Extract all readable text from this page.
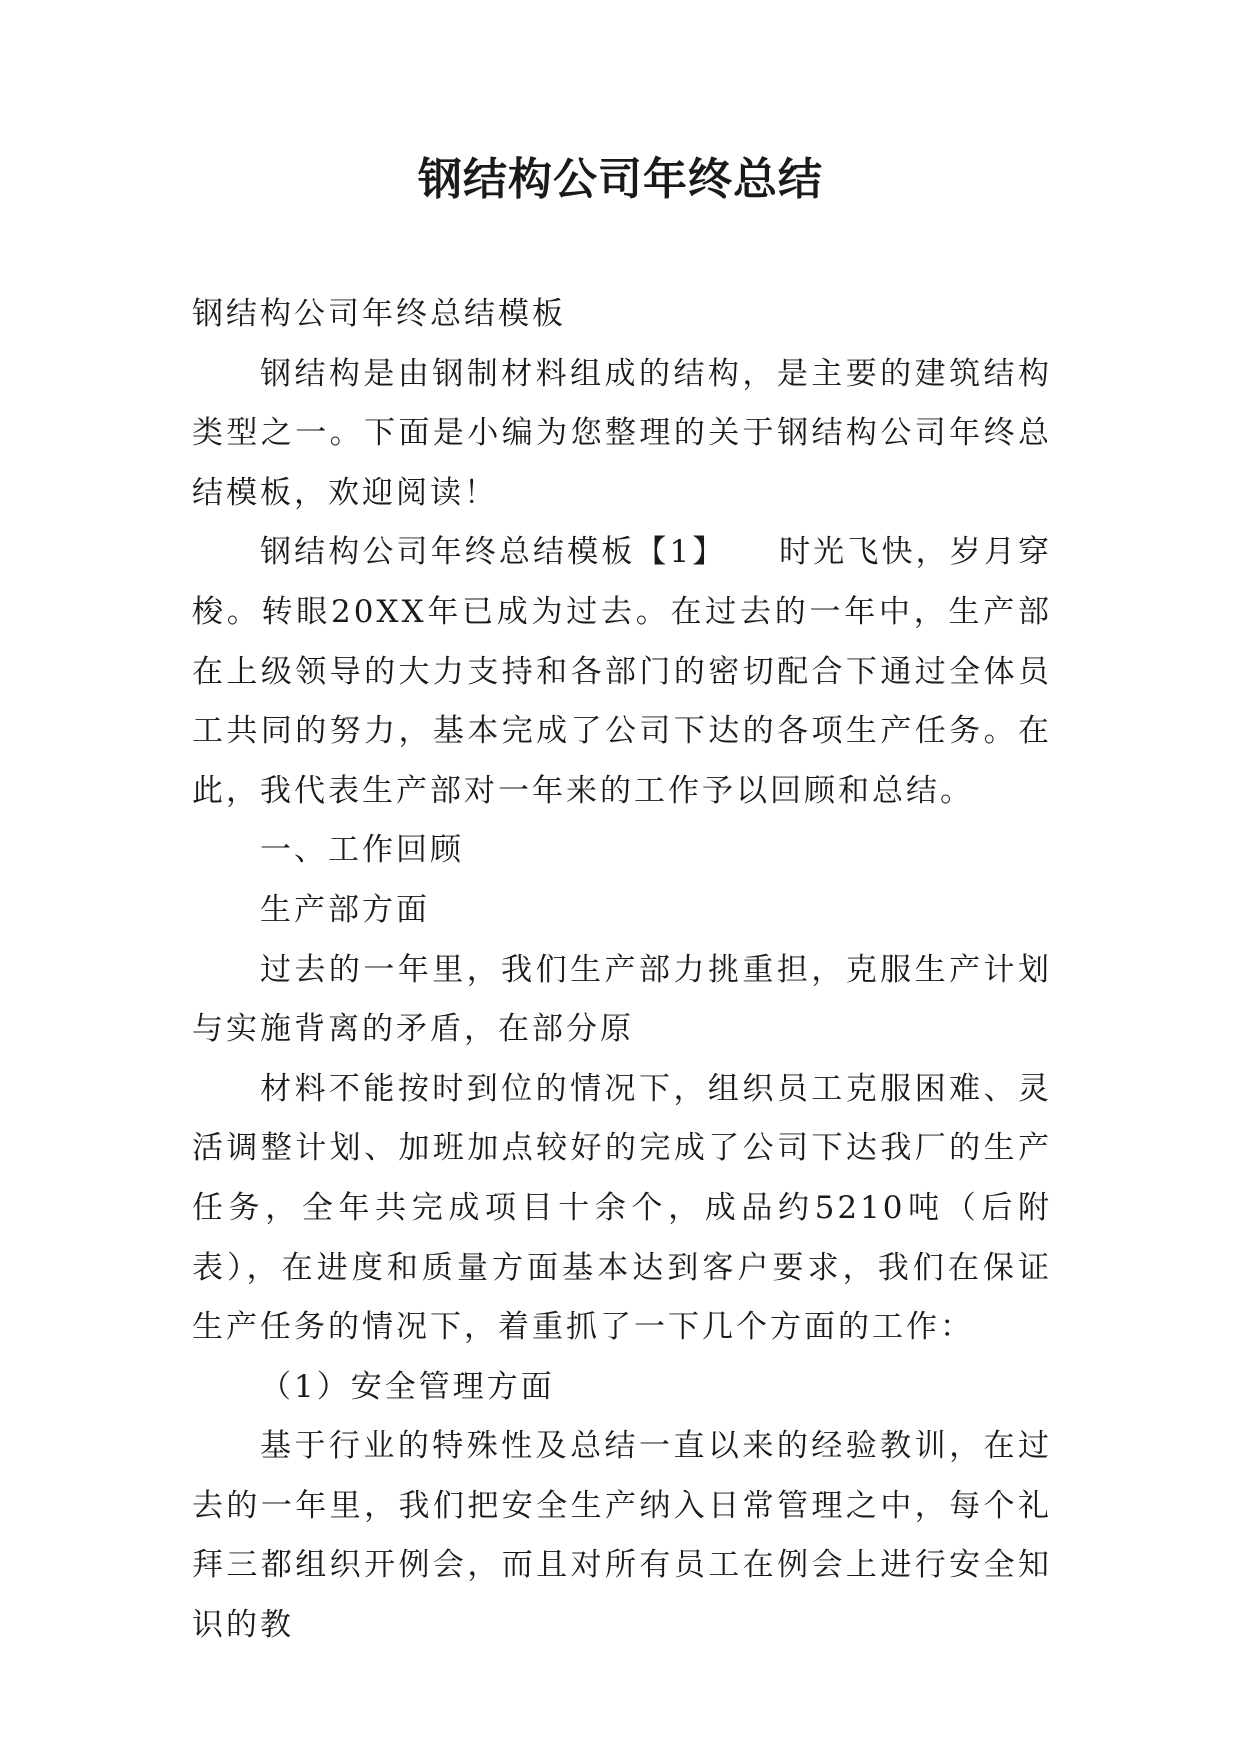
钢结构公司年终总结

钢结构公司年终总结模板

钢结构是由钢制材料组成的结构，是主要的建筑结构类型之一。下面是小编为您整理的关于钢结构公司年终总结模板，欢迎阅读！

钢结构公司年终总结模板【1】　　时光飞快，岁月穿梭。转眼20XX年已成为过去。在过去的一年中，生产部在上级领导的大力支持和各部门的密切配合下通过全体员工共同的努力，基本完成了公司下达的各项生产任务。在此，我代表生产部对一年来的工作予以回顾和总结。

一、工作回顾

生产部方面

过去的一年里，我们生产部力挑重担，克服生产计划与实施背离的矛盾，在部分原

材料不能按时到位的情况下，组织员工克服困难、灵活调整计划、加班加点较好的完成了公司下达我厂的生产任务，全年共完成项目十余个，成品约5210吨（后附表），在进度和质量方面基本达到客户要求，我们在保证生产任务的情况下，着重抓了一下几个方面的工作：

（1）安全管理方面

基于行业的特殊性及总结一直以来的经验教训，在过去的一年里，我们把安全生产纳入日常管理之中，每个礼拜三都组织开例会，而且对所有员工在例会上进行安全知识的教
